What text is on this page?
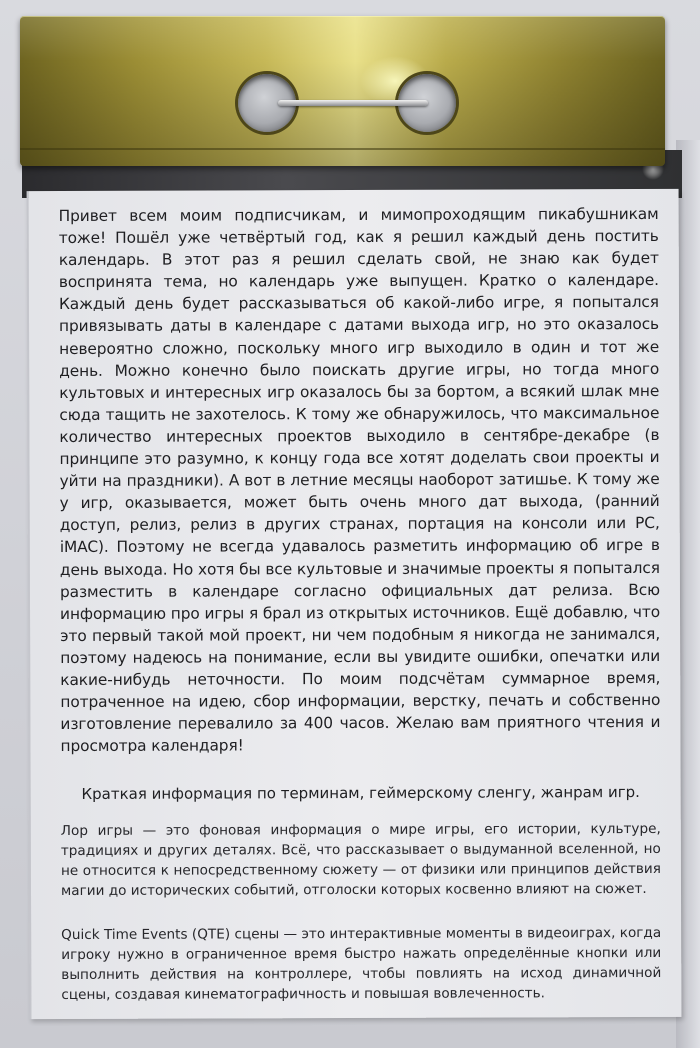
Привет всем моим подписчикам, и мимопроходящим пикабушникам тоже! Пошёл уже четвёртый год, как я решил каждый день постить календарь. В этот раз я решил сделать свой, не знаю как будет воспринята тема, но календарь уже выпущен. Кратко о календаре. Каждый день будет рассказываться об какой-либо игре, я попытался привязывать даты в календаре с датами выхода игр, но это оказалось невероятно сложно, поскольку много игр выходило в один и тот же день. Можно конечно было поискать другие игры, но тогда много культовых и интересных игр оказалось бы за бортом, а всякий шлак мне сюда тащить не захотелось. К тому же обнаружилось, что максимальное количество интересных проектов выходило в сентябре-декабре (в принципе это разумно, к концу года все хотят доделать свои проекты и уйти на праздники). А вот в летние месяцы наоборот затишье. К тому же у игр, оказывается, может быть очень много дат выхода, (ранний доступ, релиз, релиз в других странах, портация на консоли или PC, iMAC). Поэтому не всегда удавалось разметить информацию об игре в день выхода. Но хотя бы все культовые и значимые проекты я попытался разместить в календаре согласно официальных дат релиза. Всю информацию про игры я брал из открытых источников. Ещё добавлю, что это первый такой мой проект, ни чем подобным я никогда не занимался, поэтому надеюсь на понимание, если вы увидите ошибки, опечатки или какие-нибудь неточности. По моим подсчётам суммарное время, потраченное на идею, сбор информации, верстку, печать и собственно изготовление перевалило за 400 часов. Желаю вам приятного чтения и просмотра календаря!

Краткая информация по терминам, геймерскому сленгу, жанрам игр.

Лор игры — это фоновая информация о мире игры, его истории, культуре, традициях и других деталях. Всё, что рассказывает о выдуманной вселенной, но не относится к непосредственному сюжету — от физики или принципов действия магии до исторических событий, отголоски которых косвенно влияют на сюжет.

Quick Time Events (QTE) сцены — это интерактивные моменты в видеоиграх, когда игроку нужно в ограниченное время быстро нажать определённые кнопки или выполнить действия на контроллере, чтобы повлиять на исход динамичной сцены, создавая кинематографичность и повышая вовлеченность.
